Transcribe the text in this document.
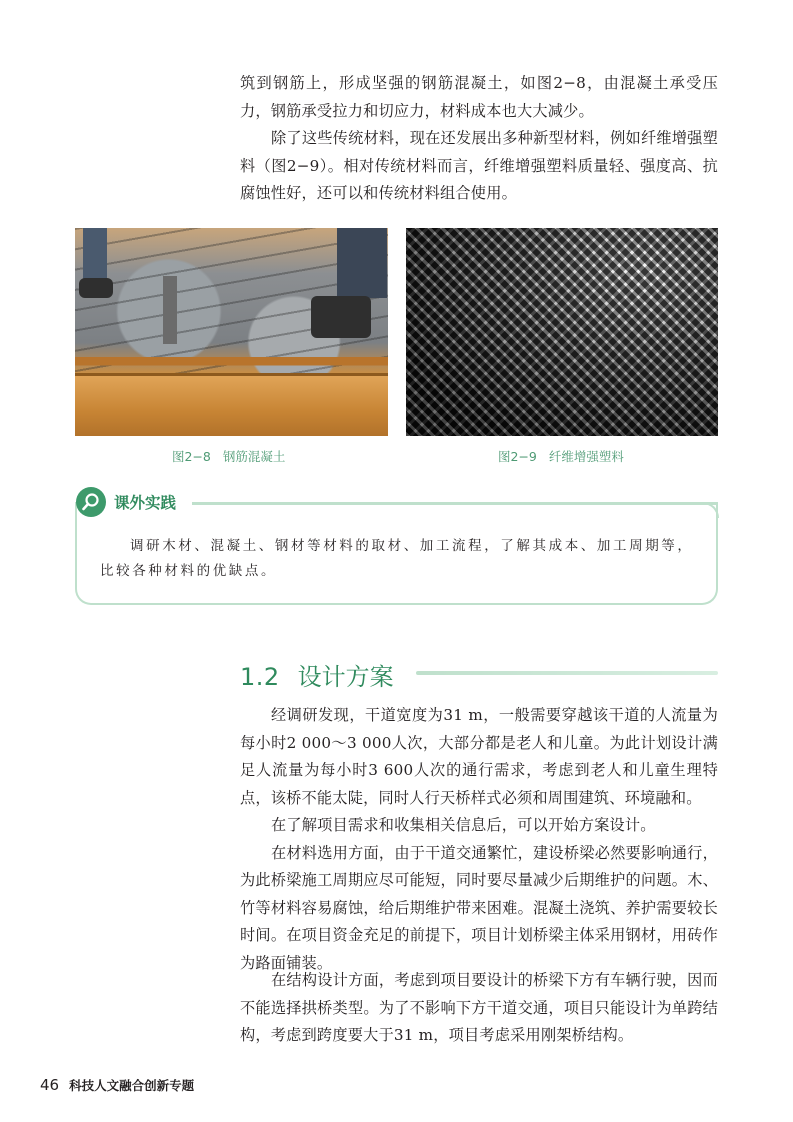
筑到钢筋上，形成坚强的钢筋混凝土，如图2−8，由混凝土承受压力，钢筋承受拉力和切应力，材料成本也大大减少。

除了这些传统材料，现在还发展出多种新型材料，例如纤维增强塑料（图2−9）。相对传统材料而言，纤维增强塑料质量轻、强度高、抗腐蚀性好，还可以和传统材料组合使用。

图2−8 钢筋混凝土	图2−9 纤维增强塑料
课外实践

调研木材、混凝土、钢材等材料的取材、加工流程，了解其成本、加工周期等，比较各种材料的优缺点。

1.2 设计方案

经调研发现，干道宽度为31 m，一般需要穿越该干道的人流量为每小时2 000～3 000人次，大部分都是老人和儿童。为此计划设计满足人流量为每小时3 600人次的通行需求，考虑到老人和儿童生理特点，该桥不能太陡，同时人行天桥样式必须和周围建筑、环境融和。

在了解项目需求和收集相关信息后，可以开始方案设计。

在材料选用方面，由于干道交通繁忙，建设桥梁必然要影响通行，为此桥梁施工周期应尽可能短，同时要尽量减少后期维护的问题。木、竹等材料容易腐蚀，给后期维护带来困难。混凝土浇筑、养护需要较长时间。在项目资金充足的前提下，项目计划桥梁主体采用钢材，用砖作为路面铺装。

在结构设计方面，考虑到项目要设计的桥梁下方有车辆行驶，因而不能选择拱桥类型。为了不影响下方干道交通，项目只能设计为单跨结构，考虑到跨度要大于31 m，项目考虑采用刚架桥结构。

46 科技人文融合创新专题
